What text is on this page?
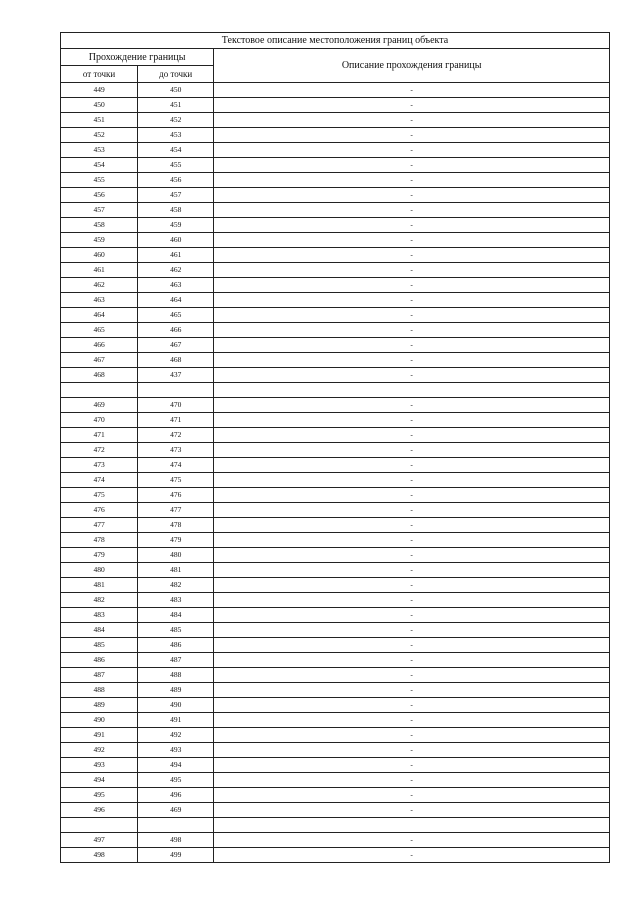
Текстовое описание местоположения границ объекта		
Прохождение границы		Описание прохождения границы
от точки	до точки	
449	450	-
450	451	-
451	452	-
452	453	-
453	454	-
454	455	-
455	456	-
456	457	-
457	458	-
458	459	-
459	460	-
460	461	-
461	462	-
462	463	-
463	464	-
464	465	-
465	466	-
466	467	-
467	468	-
468	437	-

469	470	-
470	471	-
471	472	-
472	473	-
473	474	-
474	475	-
475	476	-
476	477	-
477	478	-
478	479	-
479	480	-
480	481	-
481	482	-
482	483	-
483	484	-
484	485	-
485	486	-
486	487	-
487	488	-
488	489	-
489	490	-
490	491	-
491	492	-
492	493	-
493	494	-
494	495	-
495	496	-
496	469	-

497	498	-
498	499	-
